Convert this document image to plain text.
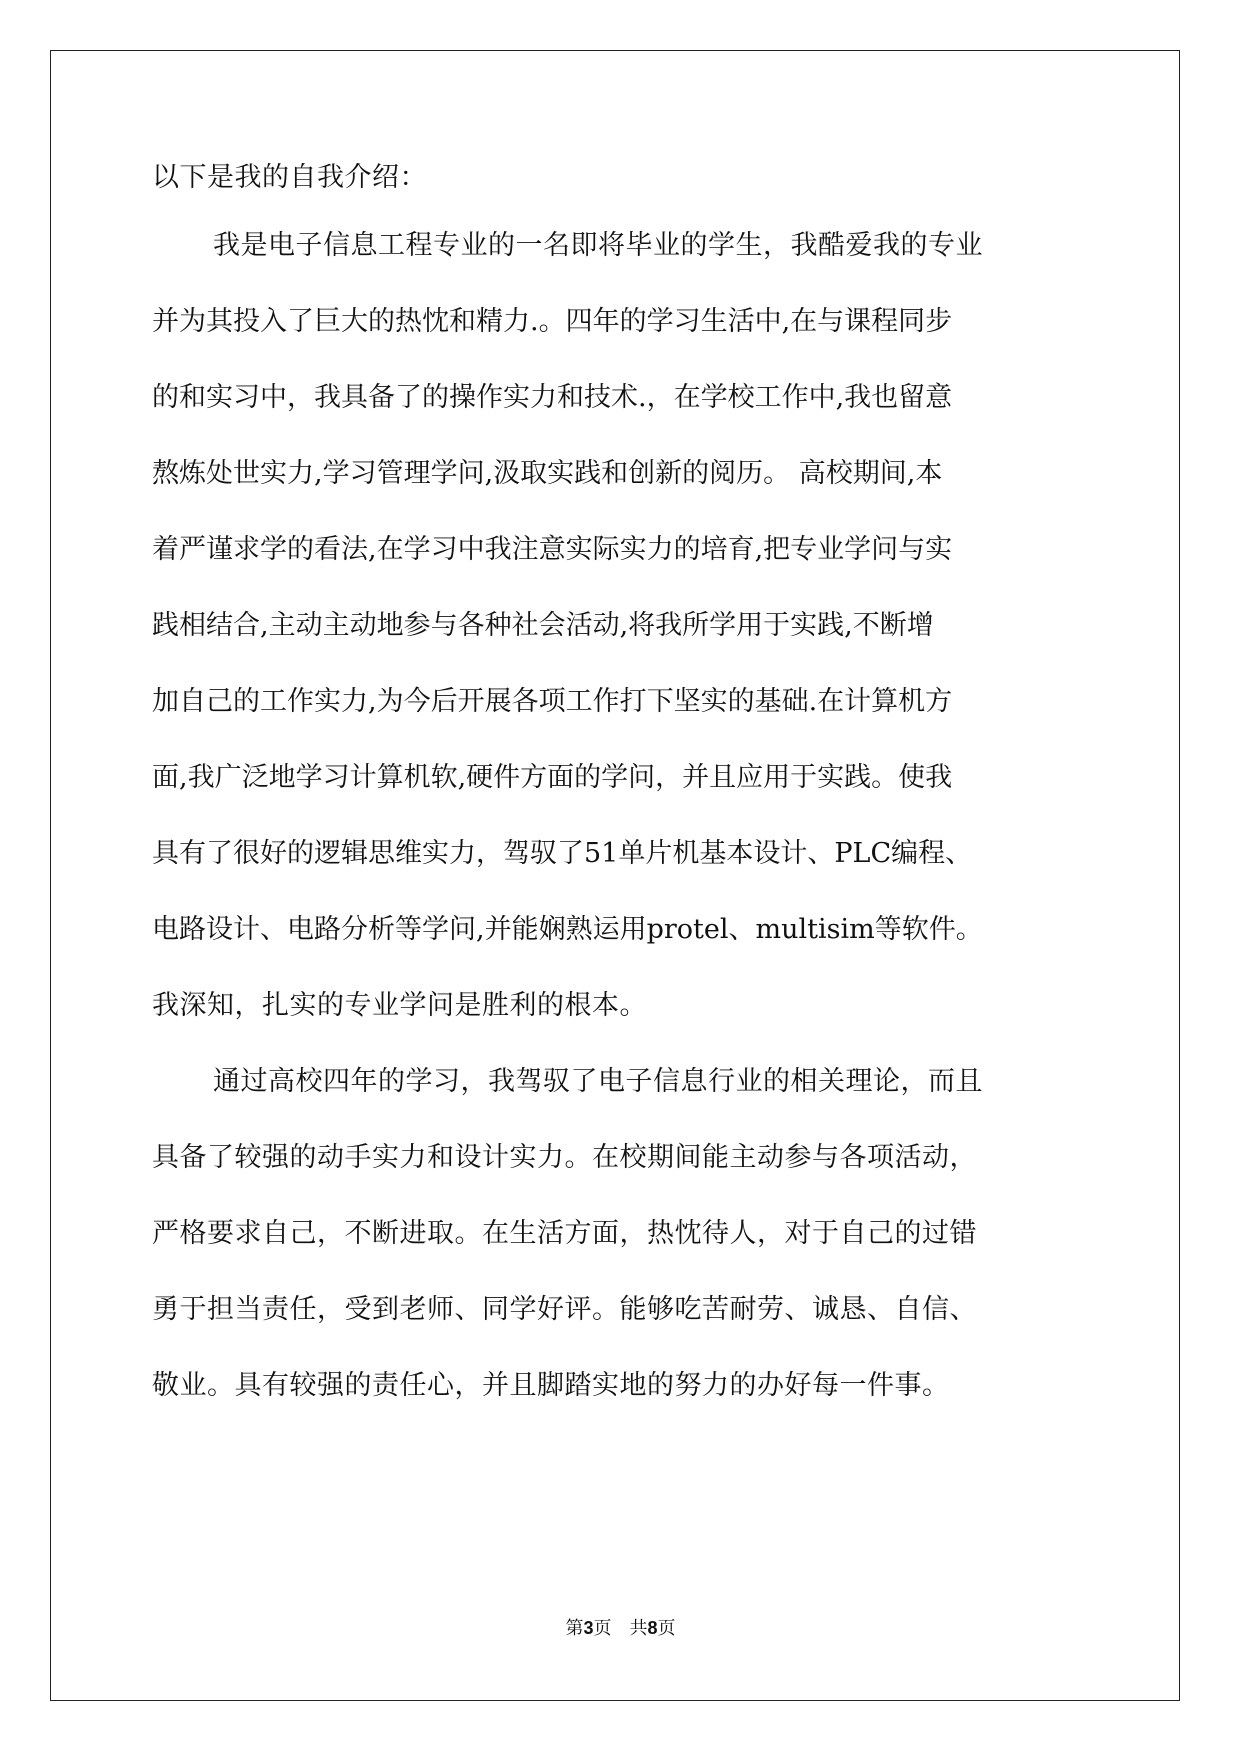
以下是我的自我介绍：
我是电子信息工程专业的一名即将毕业的学生，我酷爱我的专业
并为其投入了巨大的热忱和精力.。四年的学习生活中,在与课程同步
的和实习中，我具备了的操作实力和技术.，在学校工作中,我也留意
熬炼处世实力,学习管理学问,汲取实践和创新的阅历。 高校期间,本
着严谨求学的看法,在学习中我注意实际实力的培育,把专业学问与实
践相结合,主动主动地参与各种社会活动,将我所学用于实践,不断增
加自己的工作实力,为今后开展各项工作打下坚实的基础.在计算机方
面,我广泛地学习计算机软,硬件方面的学问，并且应用于实践。使我
具有了很好的逻辑思维实力，驾驭了51单片机基本设计、PLC编程、
电路设计、电路分析等学问,并能娴熟运用protel、multisim等软件。
我深知，扎实的专业学问是胜利的根本。
通过高校四年的学习，我驾驭了电子信息行业的相关理论，而且
具备了较强的动手实力和设计实力。在校期间能主动参与各项活动，
严格要求自己，不断进取。在生活方面，热忱待人，对于自己的过错
勇于担当责任，受到老师、同学好评。能够吃苦耐劳、诚恳、自信、
敬业。具有较强的责任心，并且脚踏实地的努力的办好每一件事。
第3页　共8页
